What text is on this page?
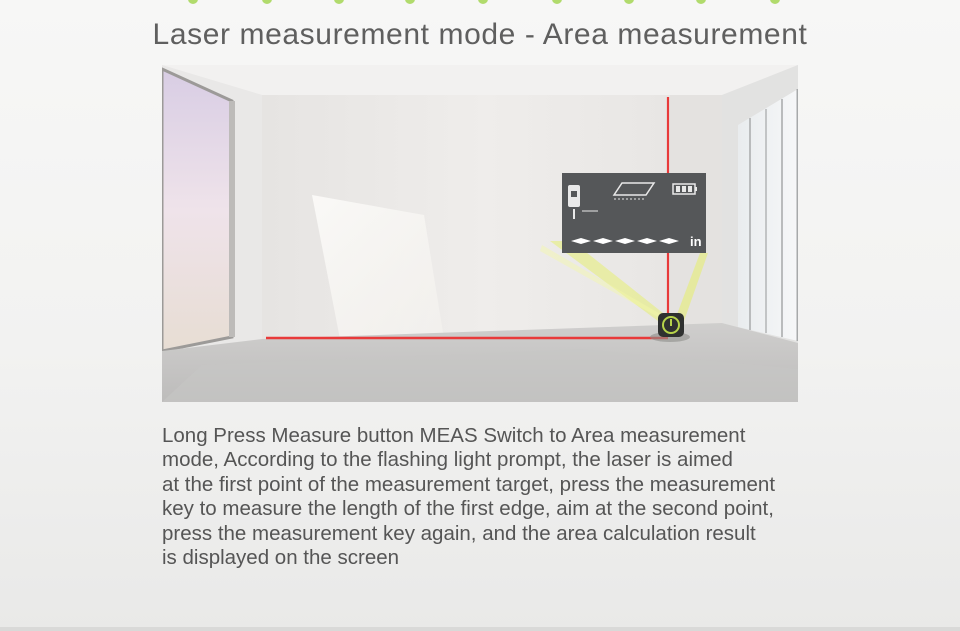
Laser measurement mode - Area measurement
in

Long Press Measure button MEAS Switch to Area measurement
mode, According to the flashing light prompt, the laser is aimed
at the first point of the measurement target, press the measurement
key to measure the length of the first edge, aim at the second point,
press the measurement key again, and the area calculation result
is displayed on the screen
